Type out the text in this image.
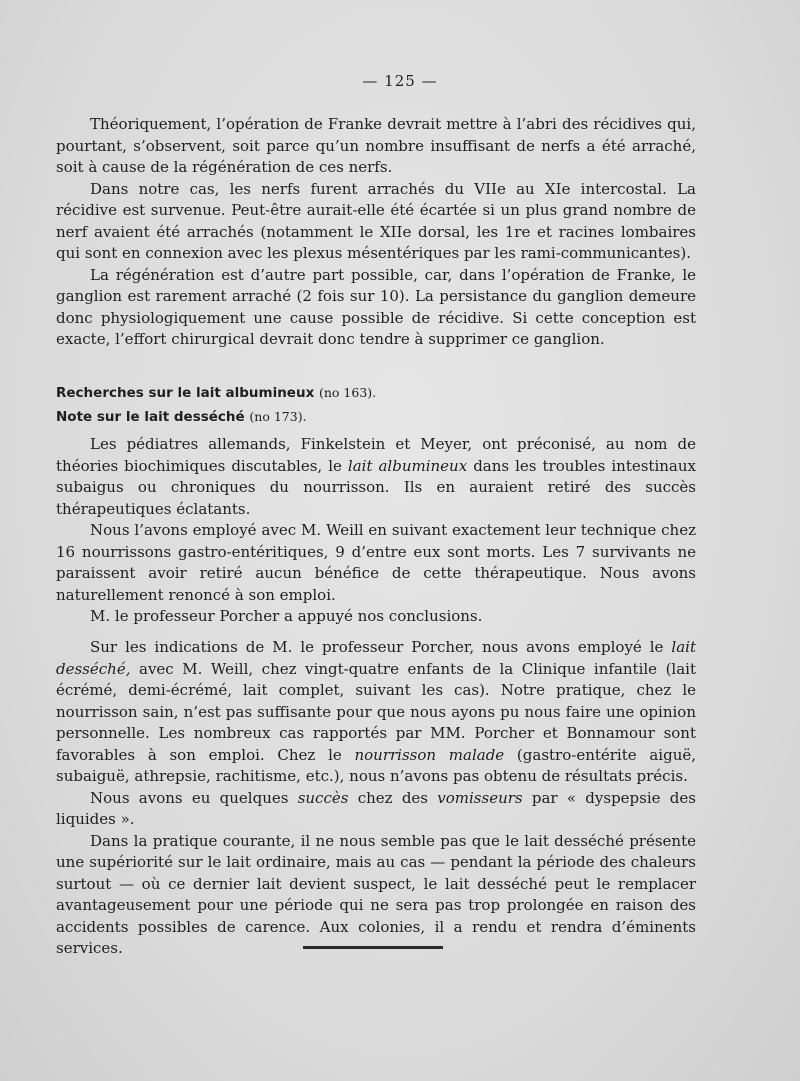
— 125 —

Théoriquement, l’opération de Franke devrait mettre à l’abri des récidives qui, pourtant, s’observent, soit parce qu’un nombre insuffisant de nerfs a été arraché, soit à cause de la régénération de ces nerfs.

Dans notre cas, les nerfs furent arrachés du VIIe au XIe intercostal. La récidive est survenue. Peut-être aurait-elle été écartée si un plus grand nombre de nerf avaient été arrachés (notamment le XIIe dorsal, les 1re et racines lombaires qui sont en connexion avec les plexus mésentériques par les rami-communicantes).

La régénération est d’autre part possible, car, dans l’opération de Franke, le ganglion est rarement arraché (2 fois sur 10). La persistance du ganglion demeure donc physiologiquement une cause possible de récidive. Si cette conception est exacte, l’effort chirurgical devrait donc tendre à supprimer ce ganglion.

Recherches sur le lait albumineux (no 163).

Note sur le lait desséché (no 173).

Les pédiatres allemands, Finkelstein et Meyer, ont préconisé, au nom de théories biochimiques discutables, le lait albumineux dans les troubles intestinaux subaigus ou chroniques du nourrisson. Ils en auraient retiré des succès thérapeutiques éclatants.

Nous l’avons employé avec M. Weill en suivant exactement leur technique chez 16 nourrissons gastro-entéritiques, 9 d’entre eux sont morts. Les 7 survivants ne paraissent avoir retiré aucun bénéfice de cette thérapeutique. Nous avons naturellement renoncé à son emploi.

M. le professeur Porcher a appuyé nos conclusions.

Sur les indications de M. le professeur Porcher, nous avons employé le lait desséché, avec M. Weill, chez vingt-quatre enfants de la Clinique infantile (lait écrémé, demi-écrémé, lait complet, suivant les cas). Notre pratique, chez le nourrisson sain, n’est pas suffisante pour que nous ayons pu nous faire une opinion personnelle. Les nombreux cas rapportés par MM. Porcher et Bonnamour sont favorables à son emploi. Chez le nourrisson malade (gastro-entérite aiguë, subaiguë, athrepsie, rachitisme, etc.), nous n’avons pas obtenu de résultats précis.

Nous avons eu quelques succès chez des vomisseurs par « dyspepsie des liquides ».

Dans la pratique courante, il ne nous semble pas que le lait desséché présente une supériorité sur le lait ordinaire, mais au cas — pendant la période des chaleurs surtout — où ce dernier lait devient suspect, le lait desséché peut le remplacer avantageusement pour une période qui ne sera pas trop prolongée en raison des accidents possibles de carence. Aux colonies, il a rendu et rendra d’éminents services.
